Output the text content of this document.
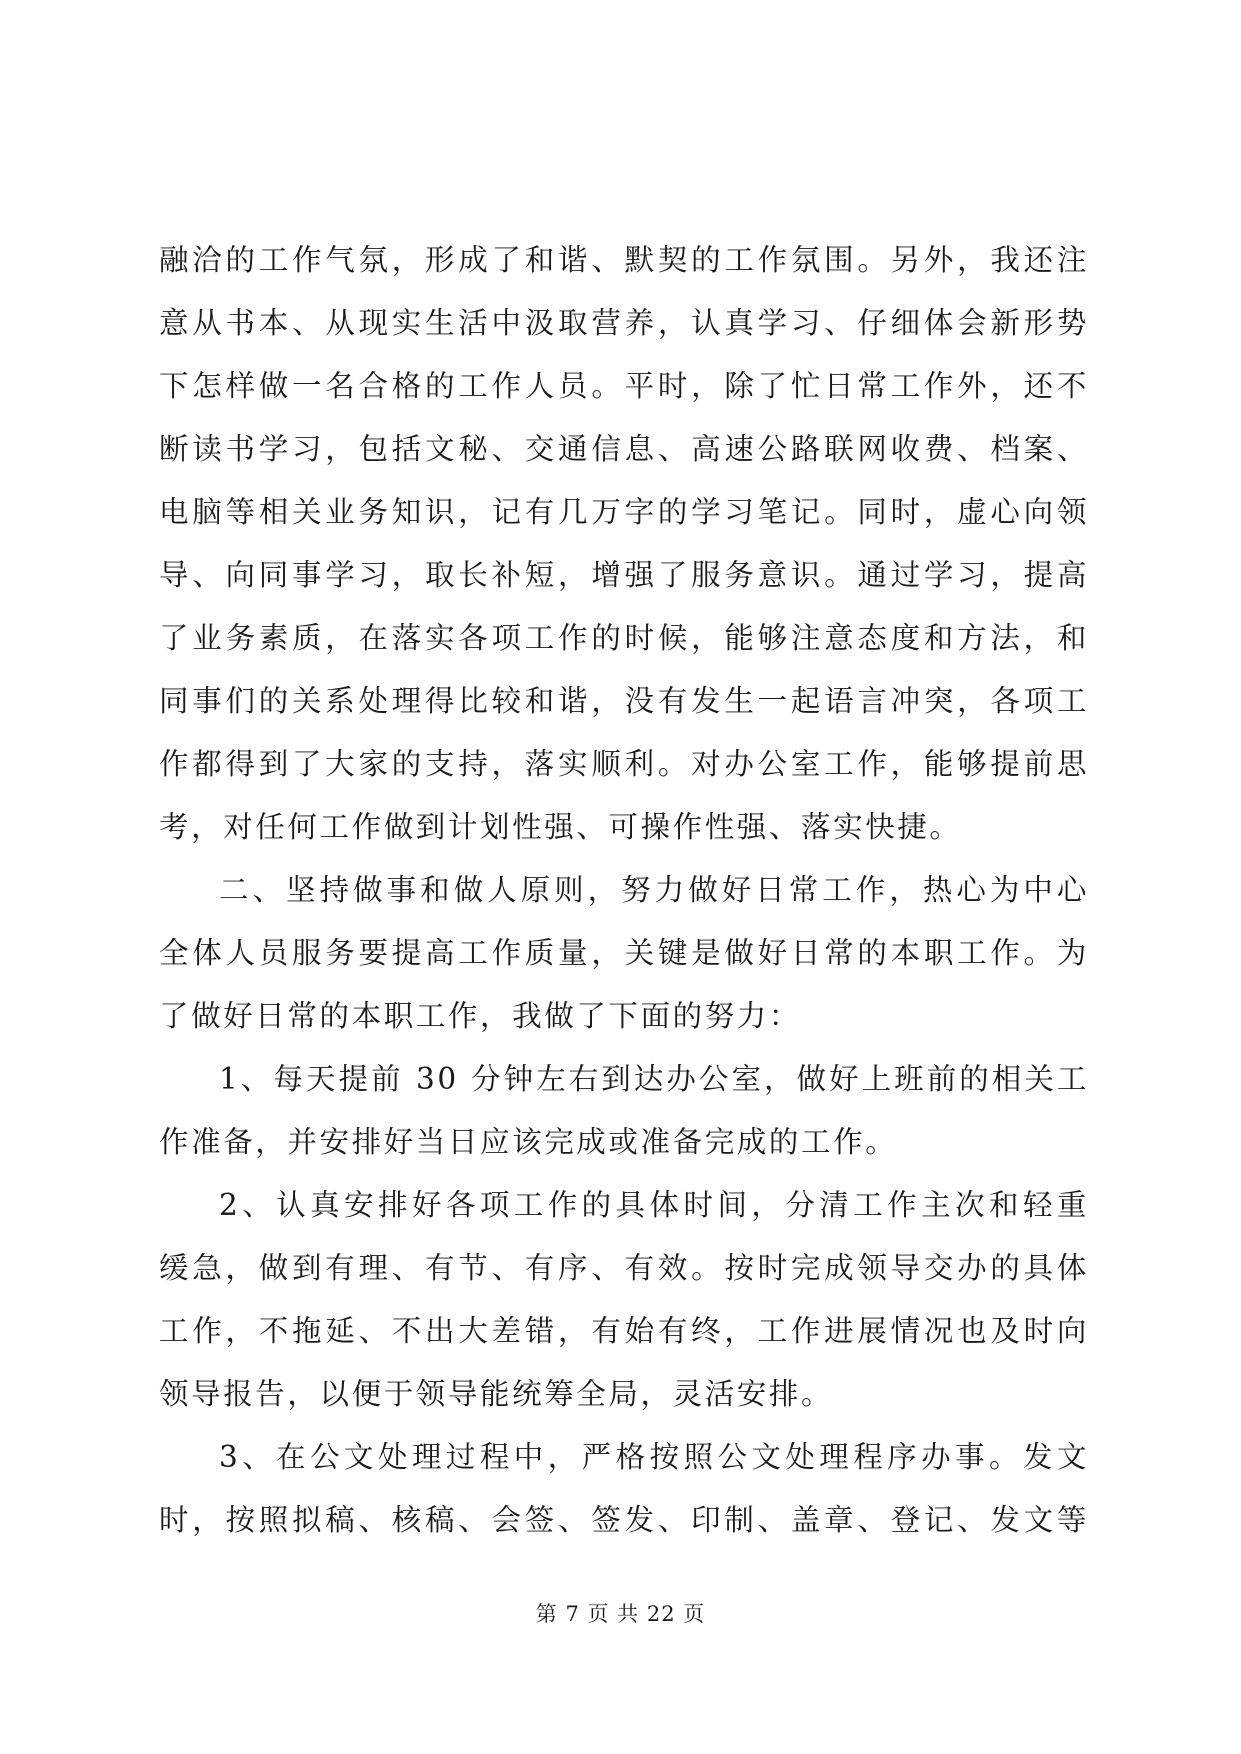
融洽的工作气氛，形成了和谐、默契的工作氛围。另外，我还注
意从书本、从现实生活中汲取营养，认真学习、仔细体会新形势
下怎样做一名合格的工作人员。平时，除了忙日常工作外，还不
断读书学习，包括文秘、交通信息、高速公路联网收费、档案、
电脑等相关业务知识，记有几万字的学习笔记。同时，虚心向领
导、向同事学习，取长补短，增强了服务意识。通过学习，提高
了业务素质，在落实各项工作的时候，能够注意态度和方法，和
同事们的关系处理得比较和谐，没有发生一起语言冲突，各项工
作都得到了大家的支持，落实顺利。对办公室工作，能够提前思
考，对任何工作做到计划性强、可操作性强、落实快捷。
二、坚持做事和做人原则，努力做好日常工作，热心为中心
全体人员服务要提高工作质量，关键是做好日常的本职工作。为
了做好日常的本职工作，我做了下面的努力：
1、每天提前 30 分钟左右到达办公室，做好上班前的相关工
作准备，并安排好当日应该完成或准备完成的工作。
2、认真安排好各项工作的具体时间，分清工作主次和轻重
缓急，做到有理、有节、有序、有效。按时完成领导交办的具体
工作，不拖延、不出大差错，有始有终，工作进展情况也及时向
领导报告，以便于领导能统筹全局，灵活安排。
3、在公文处理过程中，严格按照公文处理程序办事。发文
时，按照拟稿、核稿、会签、签发、印制、盖章、登记、发文等
第 7 页 共 22 页
